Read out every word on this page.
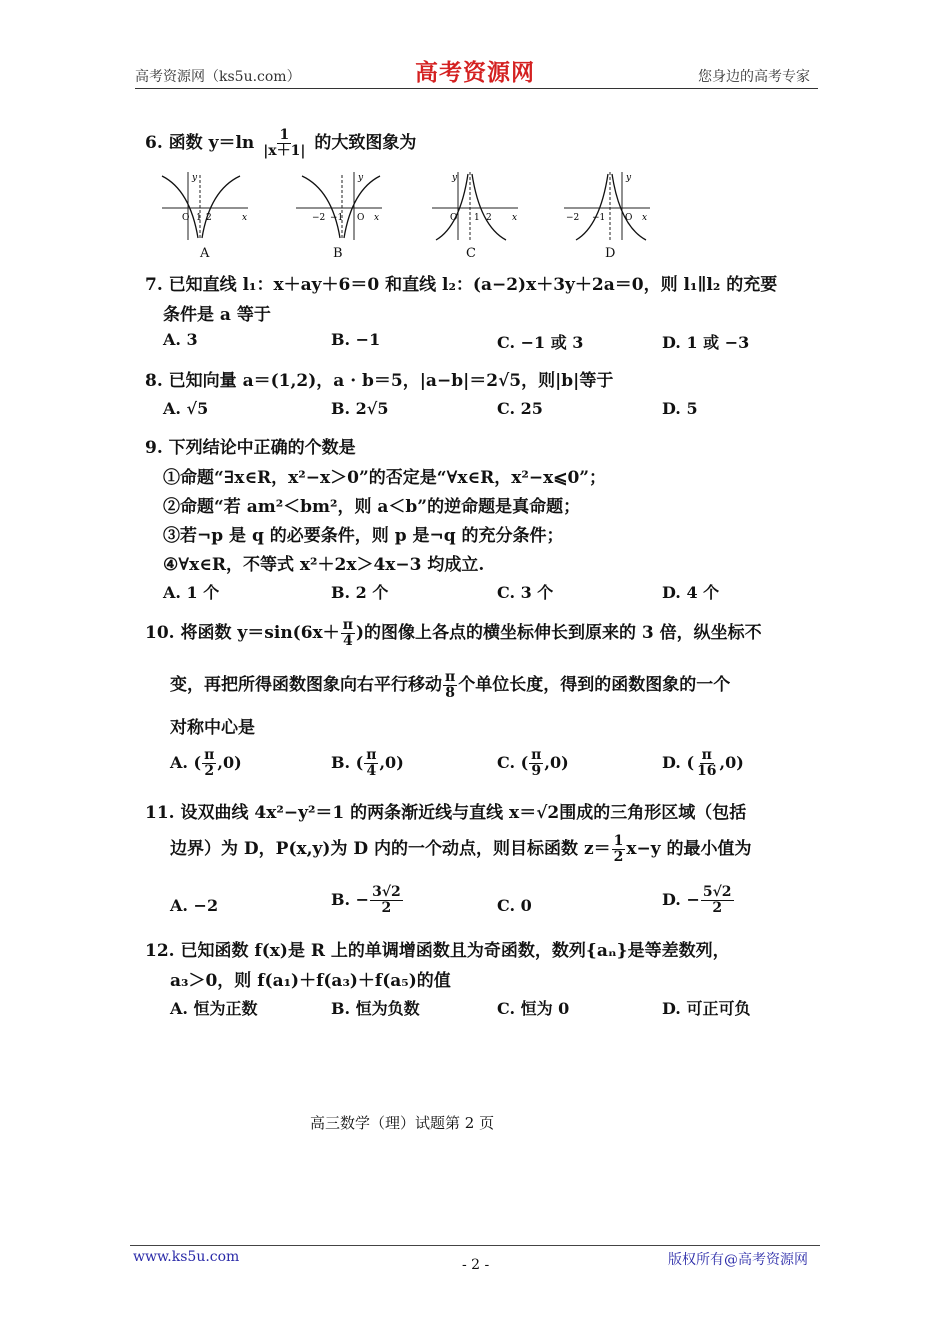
高考资源网（ks5u.com）	高考资源网	您身边的高考专家
6. 函数 $y=\ln \frac{1}{|x+1|}$ 的大致图象为
O 1 2	x
y
A
−2 −1 O x
y
B
O 1 2 x
y
C
−2 −1 O x
y
D
7. 已知直线 l₁：x＋ay＋6＝0 和直线 l₂：(a−2)x＋3y＋2a＝0，则 l₁∥l₂ 的充要
条件是 a 等于
A. 3	B. −1	C. −1 或 3	D. 1 或 −3
8. 已知向量 a＝(1,2)，a · b＝5，|a−b|＝2√5，则|b|等于
A. √5	B. 2√5	C. 25	D. 5
9. 下列结论中正确的个数是
①命题“∃x∈R，x²−x＞0”的否定是“∀x∈R，x²−x⩽0”；
②命题“若 am²＜bm²，则 a＜b”的逆命题是真命题；
③若¬p 是 q 的必要条件，则 p 是¬q 的充分条件；
④∀x∈R，不等式 x²＋2x＞4x−3 均成立.
A. 1 个	B. 2 个	C. 3 个	D. 4 个
10. 将函数 $y=\sin(6x+ \frac{\pi}{4}$ )的图像上各点的横坐标伸长到原来的 3 倍，纵坐标不
变，再把所得函数图象向右平行移动 $\frac{\pi}{8}$ 个单位长度，得到的函数图象的一个
对称中心是
A. ( $\frac{\pi}{2} ,0$)	B. ( $\frac{\pi}{4} ,0$)	C. ( $\frac{\pi}{9} ,0$)	D. ( $\frac{\pi}{16} ,0$)
11. 设双曲线 4x²−y²＝1 的两条渐近线与直线 x＝√2围成的三角形区域（包括
边界）为 D，P(x,y)为 D 内的一个动点，则目标函数 $z= \frac{1}{2} x-y$ 的最小值为
A. −2	B. − $\frac{3√2}{2}$	C. 0	D. − $\frac{5√2}{2}$
12. 已知函数 f(x)是 R 上的单调增函数且为奇函数，数列{aₙ}是等差数列，
a₃＞0，则 f(a₁)＋f(a₃)＋f(a₅)的值
A. 恒为正数	B. 恒为负数	C. 恒为 0	D. 可正可负
高三数学（理）试题第 2 页
www.ks5u.com	- 2 -	版权所有@高考资源网
